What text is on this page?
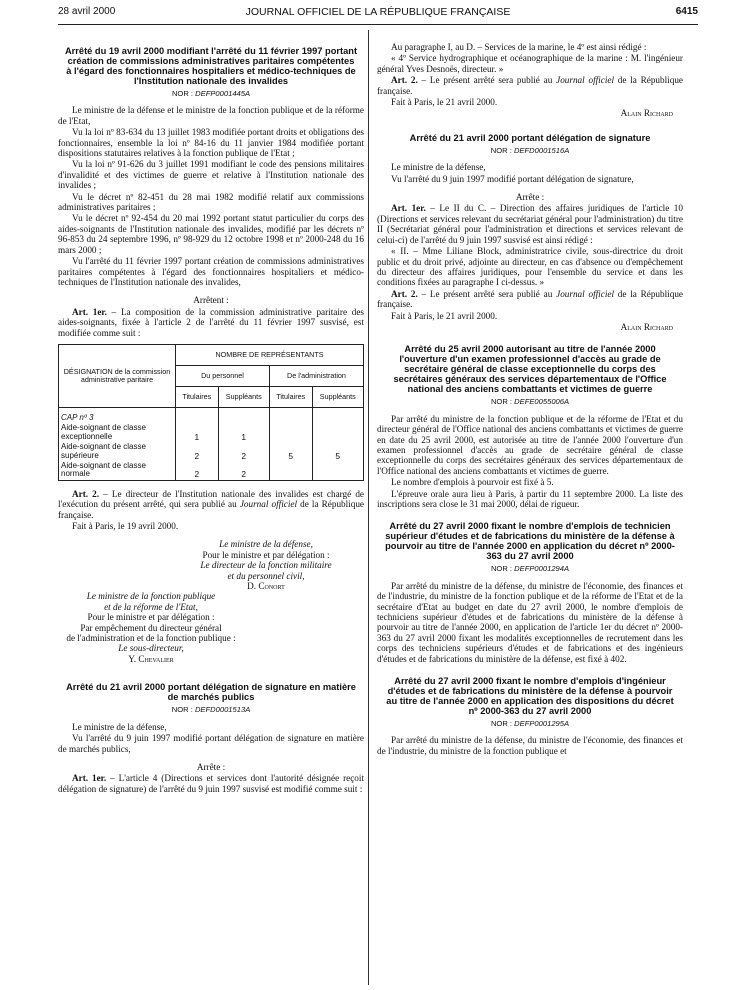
28 avril 2000	JOURNAL OFFICIEL DE LA RÉPUBLIQUE FRANÇAISE	6415
Arrêté du 19 avril 2000 modifiant l'arrêté du 11 février 1997 portant création de commissions administratives paritaires compétentes à l'égard des fonctionnaires hospitaliers et médico-techniques de l'Institution nationale des invalides
NOR : DEFP0001445A

Le ministre de la défense et le ministre de la fonction publique et de la réforme de l'Etat,

Vu la loi nº 83-634 du 13 juillet 1983 modifiée portant droits et obligations des fonctionnaires, ensemble la loi nº 84-16 du 11 janvier 1984 modifiée portant dispositions statutaires relatives à la fonction publique de l'Etat ;

Vu la loi nº 91-626 du 3 juillet 1991 modifiant le code des pensions militaires d'invalidité et des victimes de guerre et relative à l'Institution nationale des invalides ;

Vu le décret nº 82-451 du 28 mai 1982 modifié relatif aux commissions administratives paritaires ;

Vu le décret nº 92-454 du 20 mai 1992 portant statut particulier du corps des aides-soignants de l'Institution nationale des invalides, modifié par les décrets nº 96-853 du 24 septembre 1996, nº 98-929 du 12 octobre 1998 et nº 2000-248 du 16 mars 2000 ;

Vu l'arrêté du 11 février 1997 portant création de commissions administratives paritaires compétentes à l'égard des fonctionnaires hospitaliers et médico-techniques de l'Institution nationale des invalides,

Arrêtent :

Art. 1er. – La composition de la commission administrative paritaire des aides-soignants, fixée à l'article 2 de l'arrêté du 11 février 1997 susvisé, est modifiée comme suit :

DÉSIGNATION de la commission administrative paritaire	NOMBRE DE REPRÉSENTANTS			
	Du personnel		De l'administration	
	Titulaires	Suppléants	Titulaires	Suppléants
CAP nº 3				
Aide-soignant de classe exceptionnelle	1	1		
Aide-soignant de classe supérieure	2	2	5	5
Aide-soignant de classe normale	2	2		

Art. 2. – Le directeur de l'Institution nationale des invalides est chargé de l'exécution du présent arrêté, qui sera publié au Journal officiel de la République française.

Fait à Paris, le 19 avril 2000.

Le ministre de la défense,
Pour le ministre et par délégation :
Le directeur de la fonction militaire
et du personnel civil,
D. Conort
Le ministre de la fonction publique
et de la réforme de l'Etat,
Pour le ministre et par délégation :
Par empêchement du directeur général
de l'administration et de la fonction publique :
Le sous-directeur,
Y. Chevalier
Arrêté du 21 avril 2000 portant délégation de signature en matière de marchés publics
NOR : DEFD0001513A

Le ministre de la défense,

Vu l'arrêté du 9 juin 1997 modifié portant délégation de signature en matière de marchés publics,

Arrête :

Art. 1er. – L'article 4 (Directions et services dont l'autorité désignée reçoit délégation de signature) de l'arrêté du 9 juin 1997 susvisé est modifié comme suit :

Au paragraphe I, au D. – Services de la marine, le 4º est ainsi rédigé :

« 4º Service hydrographique et océanographique de la marine : M. l'ingénieur général Yves Desnoës, directeur. »

Art. 2. – Le présent arrêté sera publié au Journal officiel de la République française.

Fait à Paris, le 21 avril 2000.

Alain Richard

Arrêté du 21 avril 2000 portant délégation de signature
NOR : DEFD0001516A

Le ministre de la défense,

Vu l'arrêté du 9 juin 1997 modifié portant délégation de signature,

Arrête :

Art. 1er. – Le II du C. – Direction des affaires juridiques de l'article 10 (Directions et services relevant du secrétariat général pour l'administration) du titre II (Secrétariat général pour l'administration et directions et services relevant de celui-ci) de l'arrêté du 9 juin 1997 susvisé est ainsi rédigé :

« II. – Mme Liliane Block, administratrice civile, sous-directrice du droit public et du droit privé, adjointe au directeur, en cas d'absence ou d'empêchement du directeur des affaires juridiques, pour l'ensemble du service et dans les conditions fixées au paragraphe I ci-dessus. »

Art. 2. – Le présent arrêté sera publié au Journal officiel de la République française.

Fait à Paris, le 21 avril 2000.

Alain Richard

Arrêté du 25 avril 2000 autorisant au titre de l'année 2000 l'ouverture d'un examen professionnel d'accès au grade de secrétaire général de classe exceptionnelle du corps des secrétaires généraux des services départementaux de l'Office national des anciens combattants et victimes de guerre
NOR : DEFE0055006A

Par arrêté du ministre de la fonction publique et de la réforme de l'Etat et du directeur général de l'Office national des anciens combattants et victimes de guerre en date du 25 avril 2000, est autorisée au titre de l'année 2000 l'ouverture d'un examen professionnel d'accès au grade de secrétaire général de classe exceptionnelle du corps des secrétaires généraux des services départementaux de l'Office national des anciens combattants et victimes de guerre.

Le nombre d'emplois à pourvoir est fixé à 5.

L'épreuve orale aura lieu à Paris, à partir du 11 septembre 2000. La liste des inscriptions sera close le 31 mai 2000, délai de rigueur.

Arrêté du 27 avril 2000 fixant le nombre d'emplois de technicien supérieur d'études et de fabrications du ministère de la défense à pourvoir au titre de l'année 2000 en application du décret nº 2000-363 du 27 avril 2000
NOR : DEFP0001294A

Par arrêté du ministre de la défense, du ministre de l'économie, des finances et de l'industrie, du ministre de la fonction publique et de la réforme de l'Etat et de la secrétaire d'Etat au budget en date du 27 avril 2000, le nombre d'emplois de techniciens supérieur d'études et de fabrications du ministère de la défense à pourvoir au titre de l'année 2000, en application de l'article 1er du décret nº 2000-363 du 27 avril 2000 fixant les modalités exceptionnelles de recrutement dans les corps des techniciens supérieurs d'études et de fabrications et des ingénieurs d'études et de fabrications du ministère de la défense, est fixé à 402.

Arrêté du 27 avril 2000 fixant le nombre d'emplois d'ingénieur d'études et de fabrications du ministère de la défense à pourvoir au titre de l'année 2000 en application des dispositions du décret nº 2000-363 du 27 avril 2000
NOR : DEFP0001295A

Par arrêté du ministre de la défense, du ministre de l'économie, des finances et de l'industrie, du ministre de la fonction publique et
